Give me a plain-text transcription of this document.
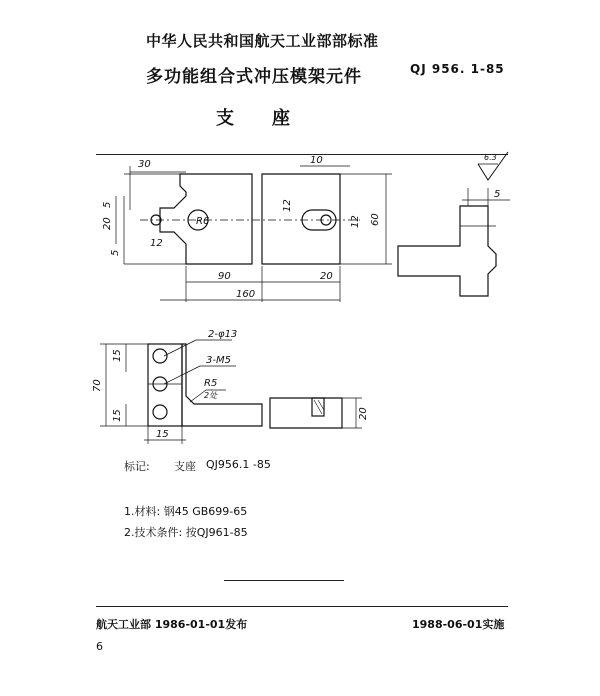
中华人民共和国航天工业部部标准
多功能组合式冲压模架元件	QJ 956. 1-85
支座
30	10
5
20
5
R6
12
12
12 60
90	20
160
5
6.3
2-φ13
3-M5
R5
2处
15
70
15
15
20
标记: 支座 QJ956.1 -85
1.材料: 钢45 GB699-65
2.技术条件: 按QJ961-85
航天工业部 1986-01-01发布	1988-06-01实施
6
